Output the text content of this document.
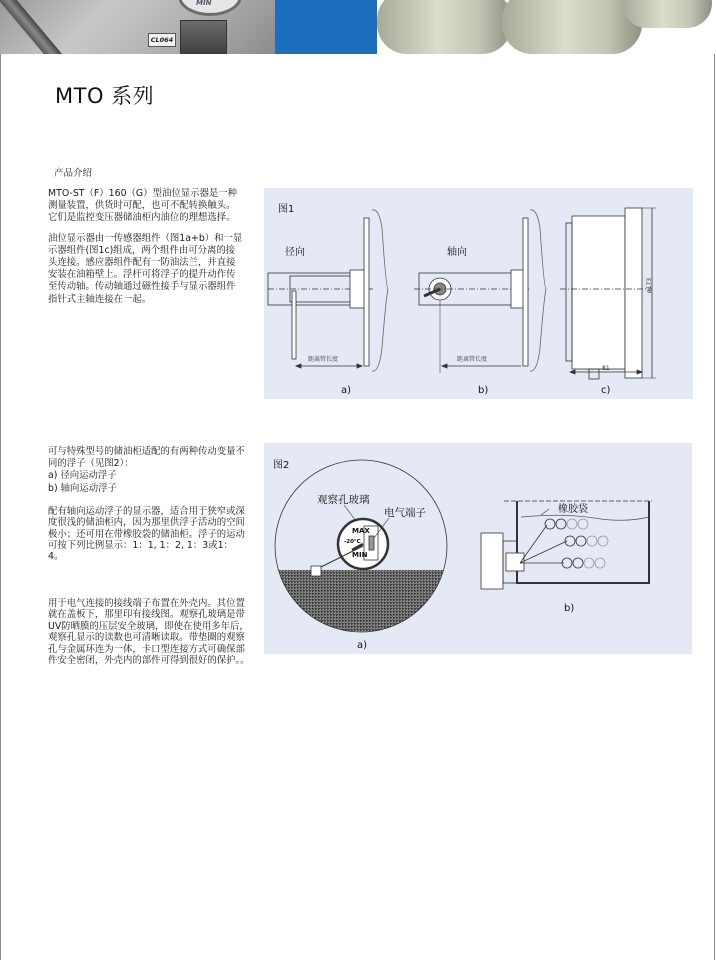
MIN
CL064
MTO 系列
产品介绍

MTO-ST（F）160（G）型油位显示器是一种测量装置，供货时可配，也可不配转换触头。它们是监控变压器储油柜内油位的理想选择。

油位显示器由一传感器组件（图1a+b）和一显示器组件(图1c)组成，两个组件由可分离的接头连接。感应器组件配有一防油法兰，并直接安装在油箱壁上。浮杆可将浮子的提升动作传至传动轴。传动轴通过磁性接手与显示器组件指针式主轴连接在一起。

可与特殊型号的储油柜适配的有两种传动变量不同的浮子（见图2）：
a) 径向运动浮子
b) 轴向运动浮子
配有轴向运动浮子的显示器，适合用于狭窄或深度很浅的储油柜内，因为那里供浮子活动的空间极小；还可用在带橡胶袋的储油柜。浮子的运动可按下列比例显示：1：1, 1：2, 1：3或1：4。
用于电气连接的接线端子布置在外壳内。其位置就在盖板下，那里印有接线图。观察孔玻璃是带UV防晒膜的压层安全玻璃，即使在使用多年后，观察孔显示的读数也可清晰读取。带垫圈的观察孔与金属环连为一体，卡口型连接方式可确保部件安全密闭，外壳内的部件可得到很好的保护。。
图1
径向	轴向
距离管长度	距离管长度
ø173
81
a)	b)	c)
图2
观察孔玻璃
电气端子
MAX
-20°C
MIN
橡胶袋
a)
b)
